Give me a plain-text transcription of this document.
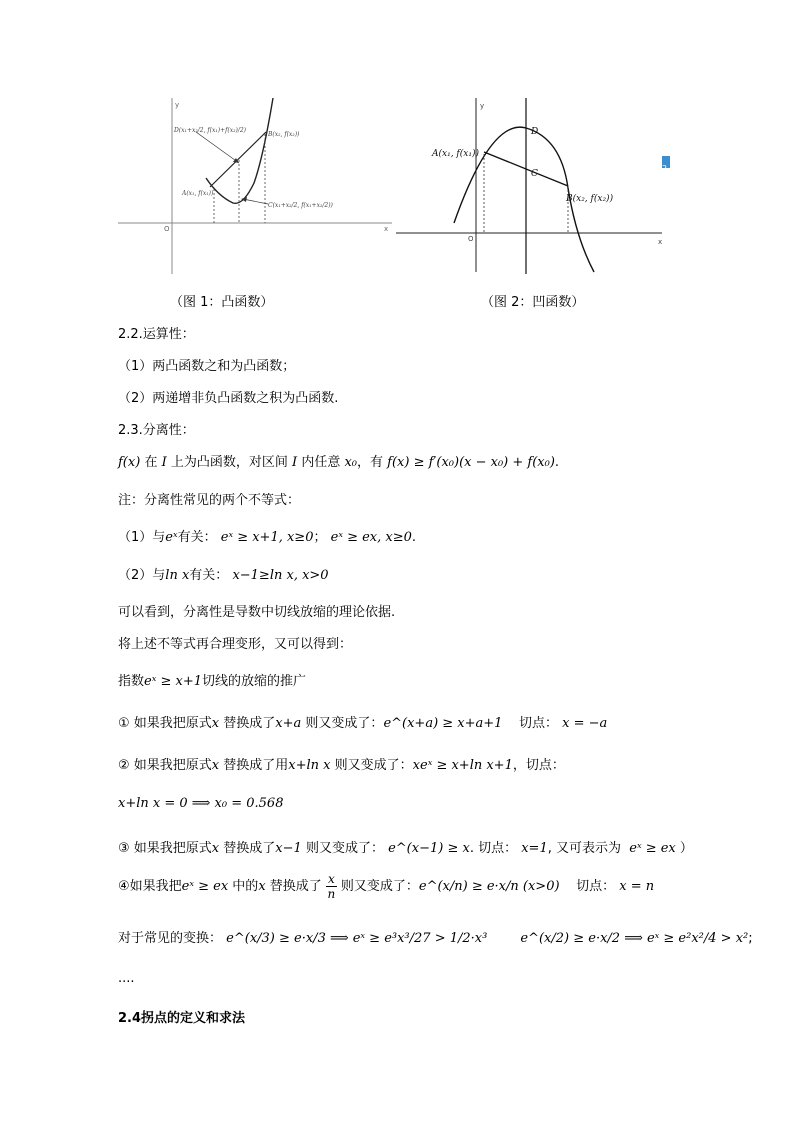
y
x
O
D(x₁+x₂/2, f(x₁)+f(x₂)/2)
B(x₂, f(x₂))
A(x₁, f(x₁))
C(x₁+x₂/2, f(x₁+x₂/2))
y
x
O
A(x₁, f(x₁))
D
C
B(x₂, f(x₂))
2
（图 1：凸函数）	（图 2：凹函数）
2.2.运算性：
（1）两凸函数之和为凸函数；
（2）两递增非负凸函数之积为凸函数.
2.3.分离性：
f(x) 在 I 上为凸函数，对区间 I 内任意 x₀，有 f(x) ≥ f′(x₀)(x − x₀) + f(x₀).
注：分离性常见的两个不等式：
（1）与eˣ有关： eˣ ≥ x+1, x≥0； eˣ ≥ ex, x≥0.
（2）与ln x有关： x−1≥ln x, x>0
可以看到，分离性是导数中切线放缩的理论依据.
将上述不等式再合理变形，又可以得到：
指数eˣ ≥ x+1切线的放缩的推广
① 如果我把原式x 替换成了x+a 则又变成了：e^(x+a) ≥ x+a+1 切点： x = −a
② 如果我把原式x 替换成了用x+ln x 则又变成了：xeˣ ≥ x+ln x+1，切点：
x+ln x = 0 ⟹ x₀ = 0.568
③ 如果我把原式x 替换成了x−1 则又变成了： e^(x−1) ≥ x. 切点： x=1, 又可表示为 eˣ ≥ ex ）
④如果我把eˣ ≥ ex 中的x 替换成了 $\frac{x}{n}$ 则又变成了：e^(x/n) ≥ e·x/n (x>0) 切点： x = n
对于常见的变换： e^(x/3) ≥ e·x/3 ⟹ eˣ ≥ e³x³/27 > 1/2·x³	e^(x/2) ≥ e·x/2 ⟹ eˣ ≥ e²x²/4 > x²;
....
2.4拐点的定义和求法
